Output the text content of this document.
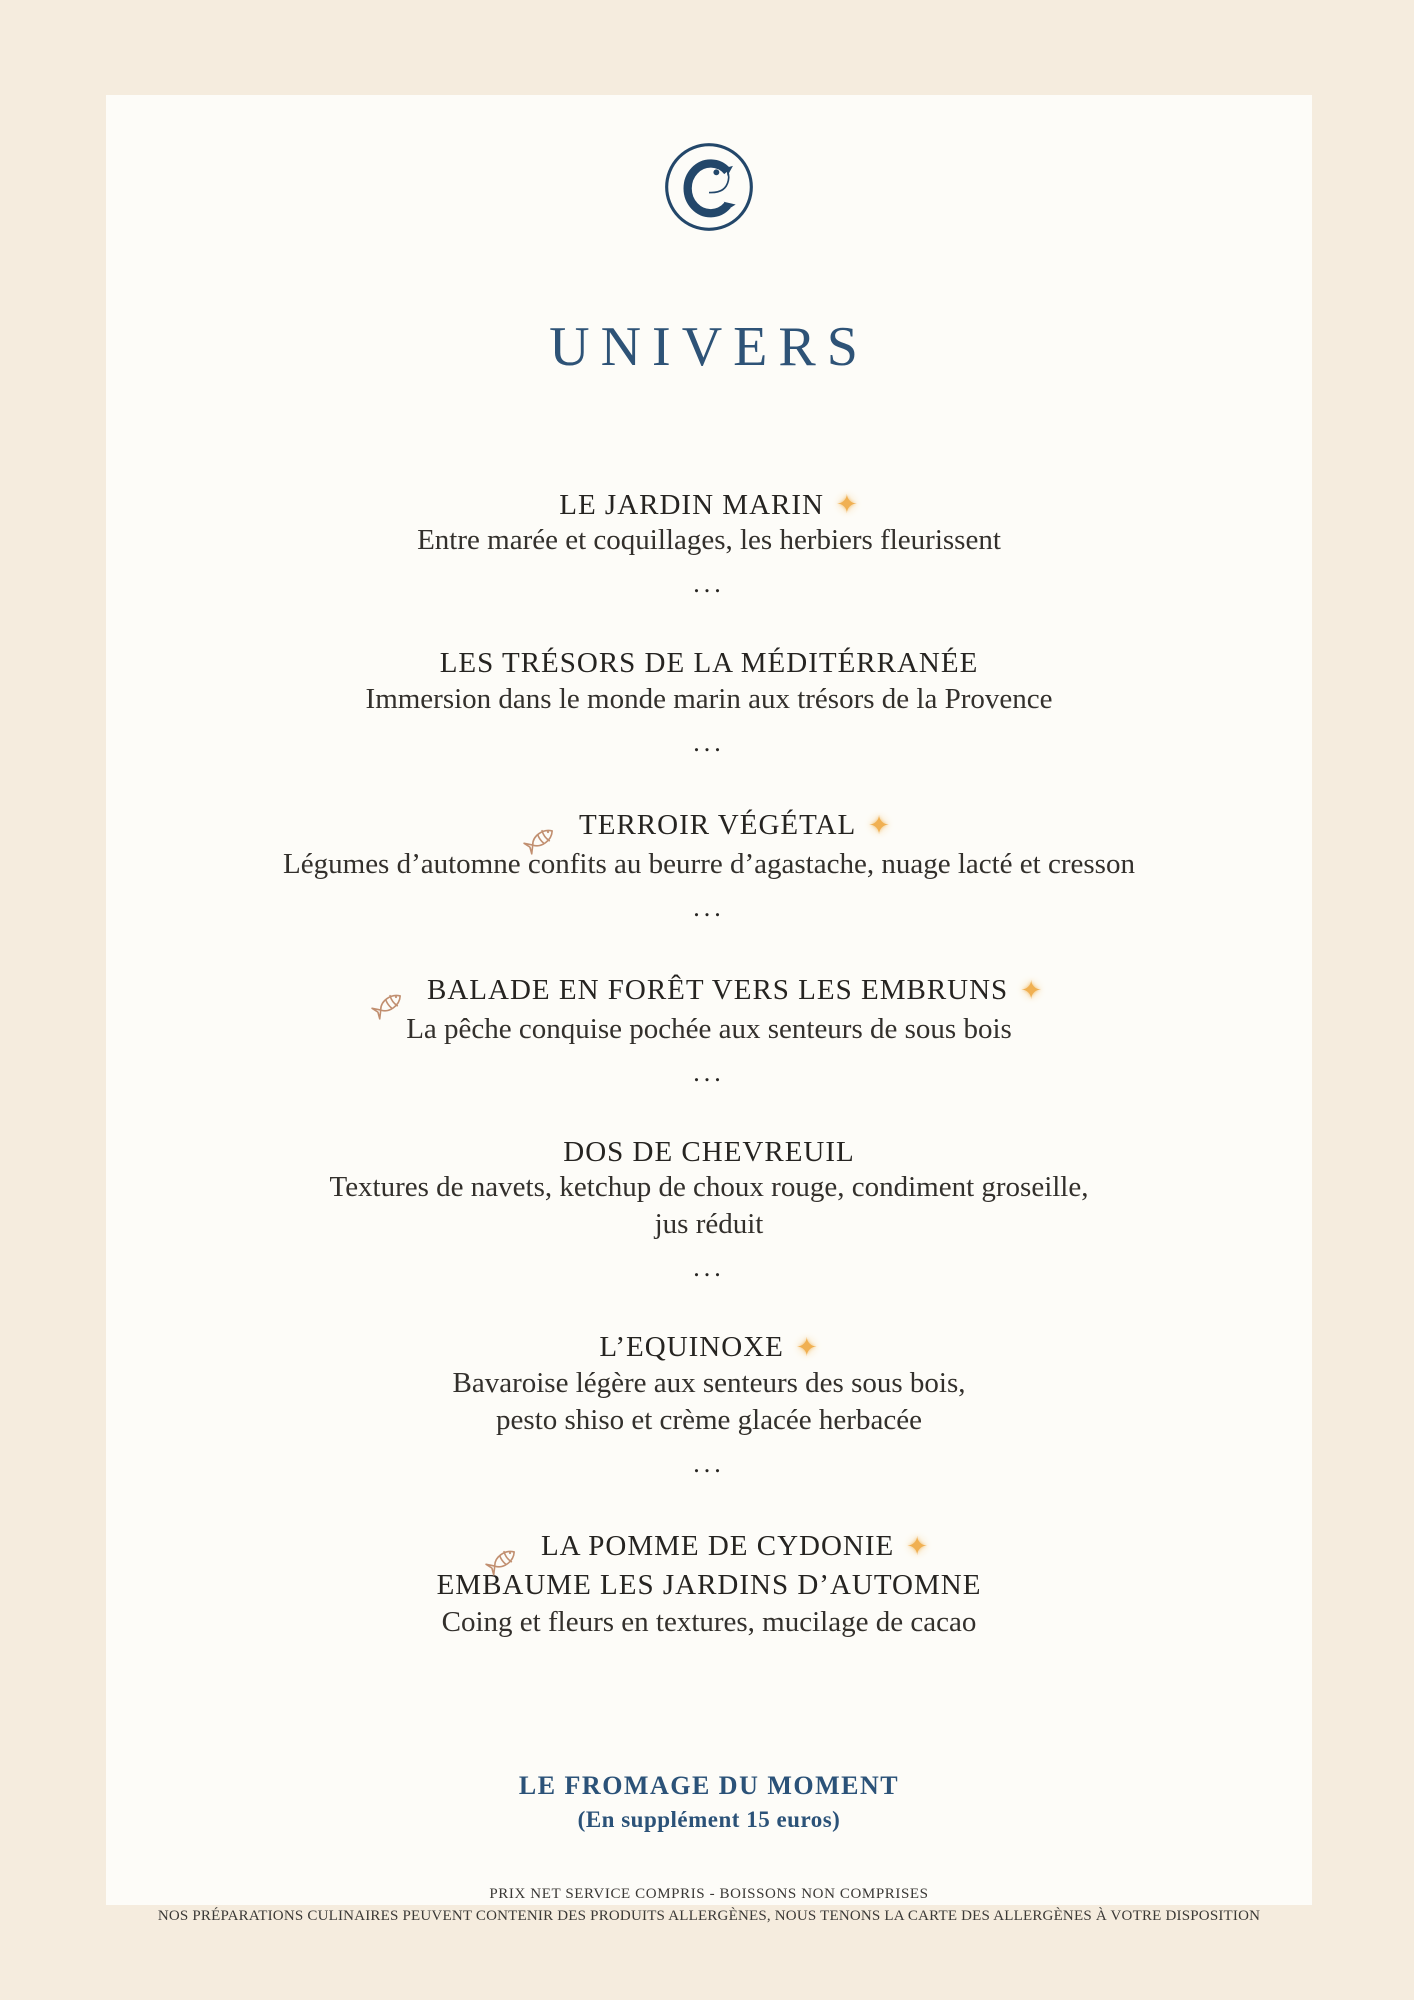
UNIVERS
LE JARDIN MARIN ✦
Entre marée et coquillages, les herbiers fleurissent
...
LES TRÉSORS DE LA MÉDITÉRRANÉE
Immersion dans le monde marin aux trésors de la Provence
...
TERROIR VÉGÉTAL ✦
Légumes d’automne confits au beurre d’agastache, nuage lacté et cresson
...
BALADE EN FORÊT VERS LES EMBRUNS ✦
La pêche conquise pochée aux senteurs de sous bois
...
DOS DE CHEVREUIL
Textures de navets, ketchup de choux rouge, condiment groseille,
jus réduit
...
L’EQUINOXE ✦
Bavaroise légère aux senteurs des sous bois,
pesto shiso et crème glacée herbacée
...
LA POMME DE CYDONIE ✦
EMBAUME LES JARDINS D’AUTOMNE
Coing et fleurs en textures, mucilage de cacao
LE FROMAGE DU MOMENT
(En supplément 15 euros)
PRIX NET SERVICE COMPRIS - BOISSONS NON COMPRISES
NOS PRÉPARATIONS CULINAIRES PEUVENT CONTENIR DES PRODUITS ALLERGÈNES, NOUS TENONS LA CARTE DES ALLERGÈNES À VOTRE DISPOSITION
